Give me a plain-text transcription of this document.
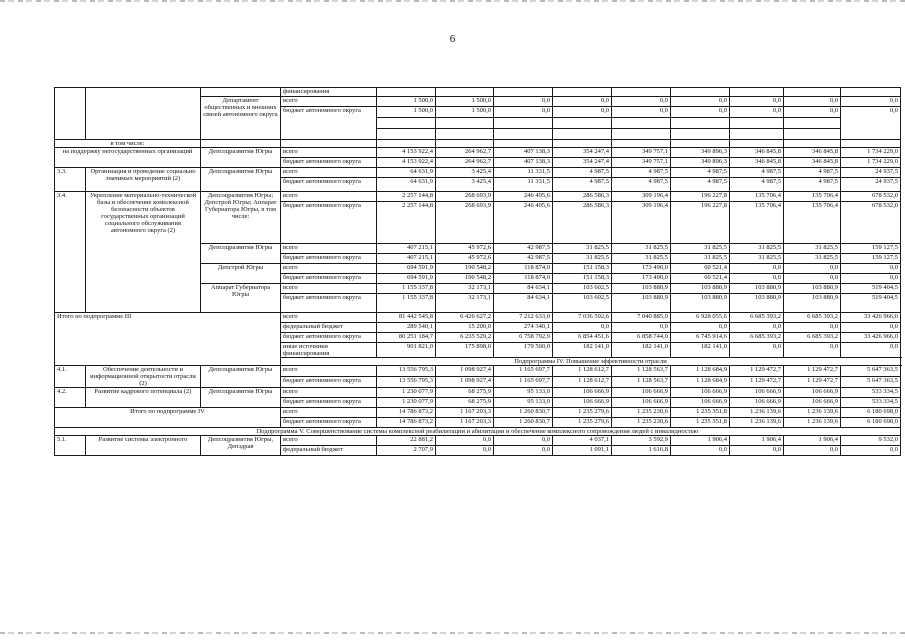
6
			финансирования									
		Департамент общественных и внешних связей автономного округа	всего	1 500,0	1 500,0	0,0	0,0	0,0	0,0	0,0	0,0	0,0
			бюджет автономного округа	1 500,0	1 500,0	0,0	0,0	0,0	0,0	0,0	0,0	0,0

в том числе:												
на поддержку негосударственных организаций		Депсоцразвития Югры	всего	4 153 922,4	264 962,7	407 138,3	354 247,4	349 757,1	349 896,3	346 845,8	346 845,8	1 734 229,0
			бюджет автономного округа	4 153 922,4	264 962,7	407 138,3	354 247,4	349 757,1	349 896,3	346 845,8	346 845,8	1 734 229,0
3.3.	Организация и проведение социально значимых мероприятий (2)	Депсоцразвития Югры	всего	64 631,9	3 425,4	11 331,5	4 987,5	4 987,5	4 987,5	4 987,5	4 987,5	24 937,5
			бюджет автономного округа	64 631,9	3 425,4	11 331,5	4 987,5	4 987,5	4 987,5	4 987,5	4 987,5	24 937,5
3.4.	Укрепление материально-технической базы и обеспечение комплексной безопасности объектов государственных организаций социального обслуживания автономного округа (2)	Депсоцразвития Югры; Депстрой Югры; Аппарат Губернатора Югры, в том числе:	всего	2 257 144,8	268 693,9	246 495,6	286 586,3	309 196,4	196 227,8	135 706,4	135 706,4	678 532,0
			бюджет автономного округа	2 257 144,8	268 693,9	246 495,6	286 586,3	309 196,4	196 227,8	135 706,4	135 706,4	678 532,0
		Депсоцразвития Югры	всего	407 215,1	45 972,6	42 987,5	31 825,5	31 825,5	31 825,5	31 825,5	31 825,5	159 127,5
			бюджет автономного округа	407 215,1	45 972,6	42 987,5	31 825,5	31 825,5	31 825,5	31 825,5	31 825,5	159 127,5
		Депстрой Югры	всего	694 591,9	190 548,2	118 874,0	151 158,3	173 490,0	60 521,4	0,0	0,0	0,0
			бюджет автономного округа	694 591,9	190 548,2	118 874,0	151 158,3	173 490,0	60 521,4	0,0	0,0	0,0
		Аппарат Губернатора Югры	всего	1 155 337,8	32 173,1	84 634,1	103 602,5	103 880,9	103 880,9	103 880,9	103 880,9	519 404,5
			бюджет автономного округа	1 155 337,8	32 173,1	84 634,1	103 602,5	103 880,9	103 880,9	103 880,9	103 880,9	519 404,5

Итого по подпрограмме III			всего	81 442 545,8	6 426 627,2	7 212 633,0	7 036 592,6	7 040 885,0	6 928 055,6	6 685 393,2	6 685 393,2	33 426 966,0
			федеральный бюджет	289 540,1	15 200,0	274 340,1	0,0	0,0	0,0	0,0	0,0	0,0
			бюджет автономного округа	80 251 184,7	6 235 529,2	6 758 792,9	6 854 451,6	6 858 744,0	6 745 914,6	6 685 393,2	6 685 393,2	33 426 966,0
			иные источники финансирования	901 821,0	175 898,0	179 500,0	182 141,0	182 141,0	182 141,0	0,0	0,0	0,0
			Подпрограмма IV. Повышение эффективности отрасли									
4.1.	Обеспечение деятельности и информационной открытости отрасли (2)	Депсоцразвития Югры	всего	13 556 795,3	1 098 927,4	1 165 697,7	1 128 612,7	1 128 563,7	1 128 684,9	1 129 472,7	1 129 472,7	5 647 363,5
			бюджет автономного округа	13 556 795,3	1 098 927,4	1 165 697,7	1 128 612,7	1 128 563,7	1 128 684,9	1 129 472,7	1 129 472,7	5 647 363,5
4.2.	Развитие кадрового потенциала (2)	Депсоцразвития Югры	всего	1 230 077,9	68 275,9	95 133,0	106 666,9	106 666,9	106 666,9	106 666,9	106 666,9	533 334,5
			бюджет автономного округа	1 230 077,9	68 275,9	95 133,0	106 666,9	106 666,9	106 666,9	106 666,9	106 666,9	533 334,5
Итого по подпрограмме IV			всего	14 786 873,2	1 167 203,3	1 260 830,7	1 235 279,6	1 235 230,6	1 235 351,8	1 236 139,6	1 236 139,6	6 180 698,0
			бюджет автономного округа	14 786 873,2	1 167 203,3	1 260 830,7	1 235 279,6	1 235 230,6	1 235 351,8	1 236 139,6	1 236 139,6	6 180 698,0
Подпрограмма V. Совершенствование системы комплексной реабилитации и абилитации и обеспечение комплексного сопровождения людей с инвалидностью												
5.1.	Развитие системы электронного	Депсоцразвития Югры, Депздрав	всего	22 881,2	0,0	0,0	4 037,1	3 592,9	1 906,4	1 906,4	1 906,4	9 532,0
			федеральный бюджет	2 707,9	0,0	0,0	1 091,1	1 616,8	0,0	0,0	0,0	0,0
